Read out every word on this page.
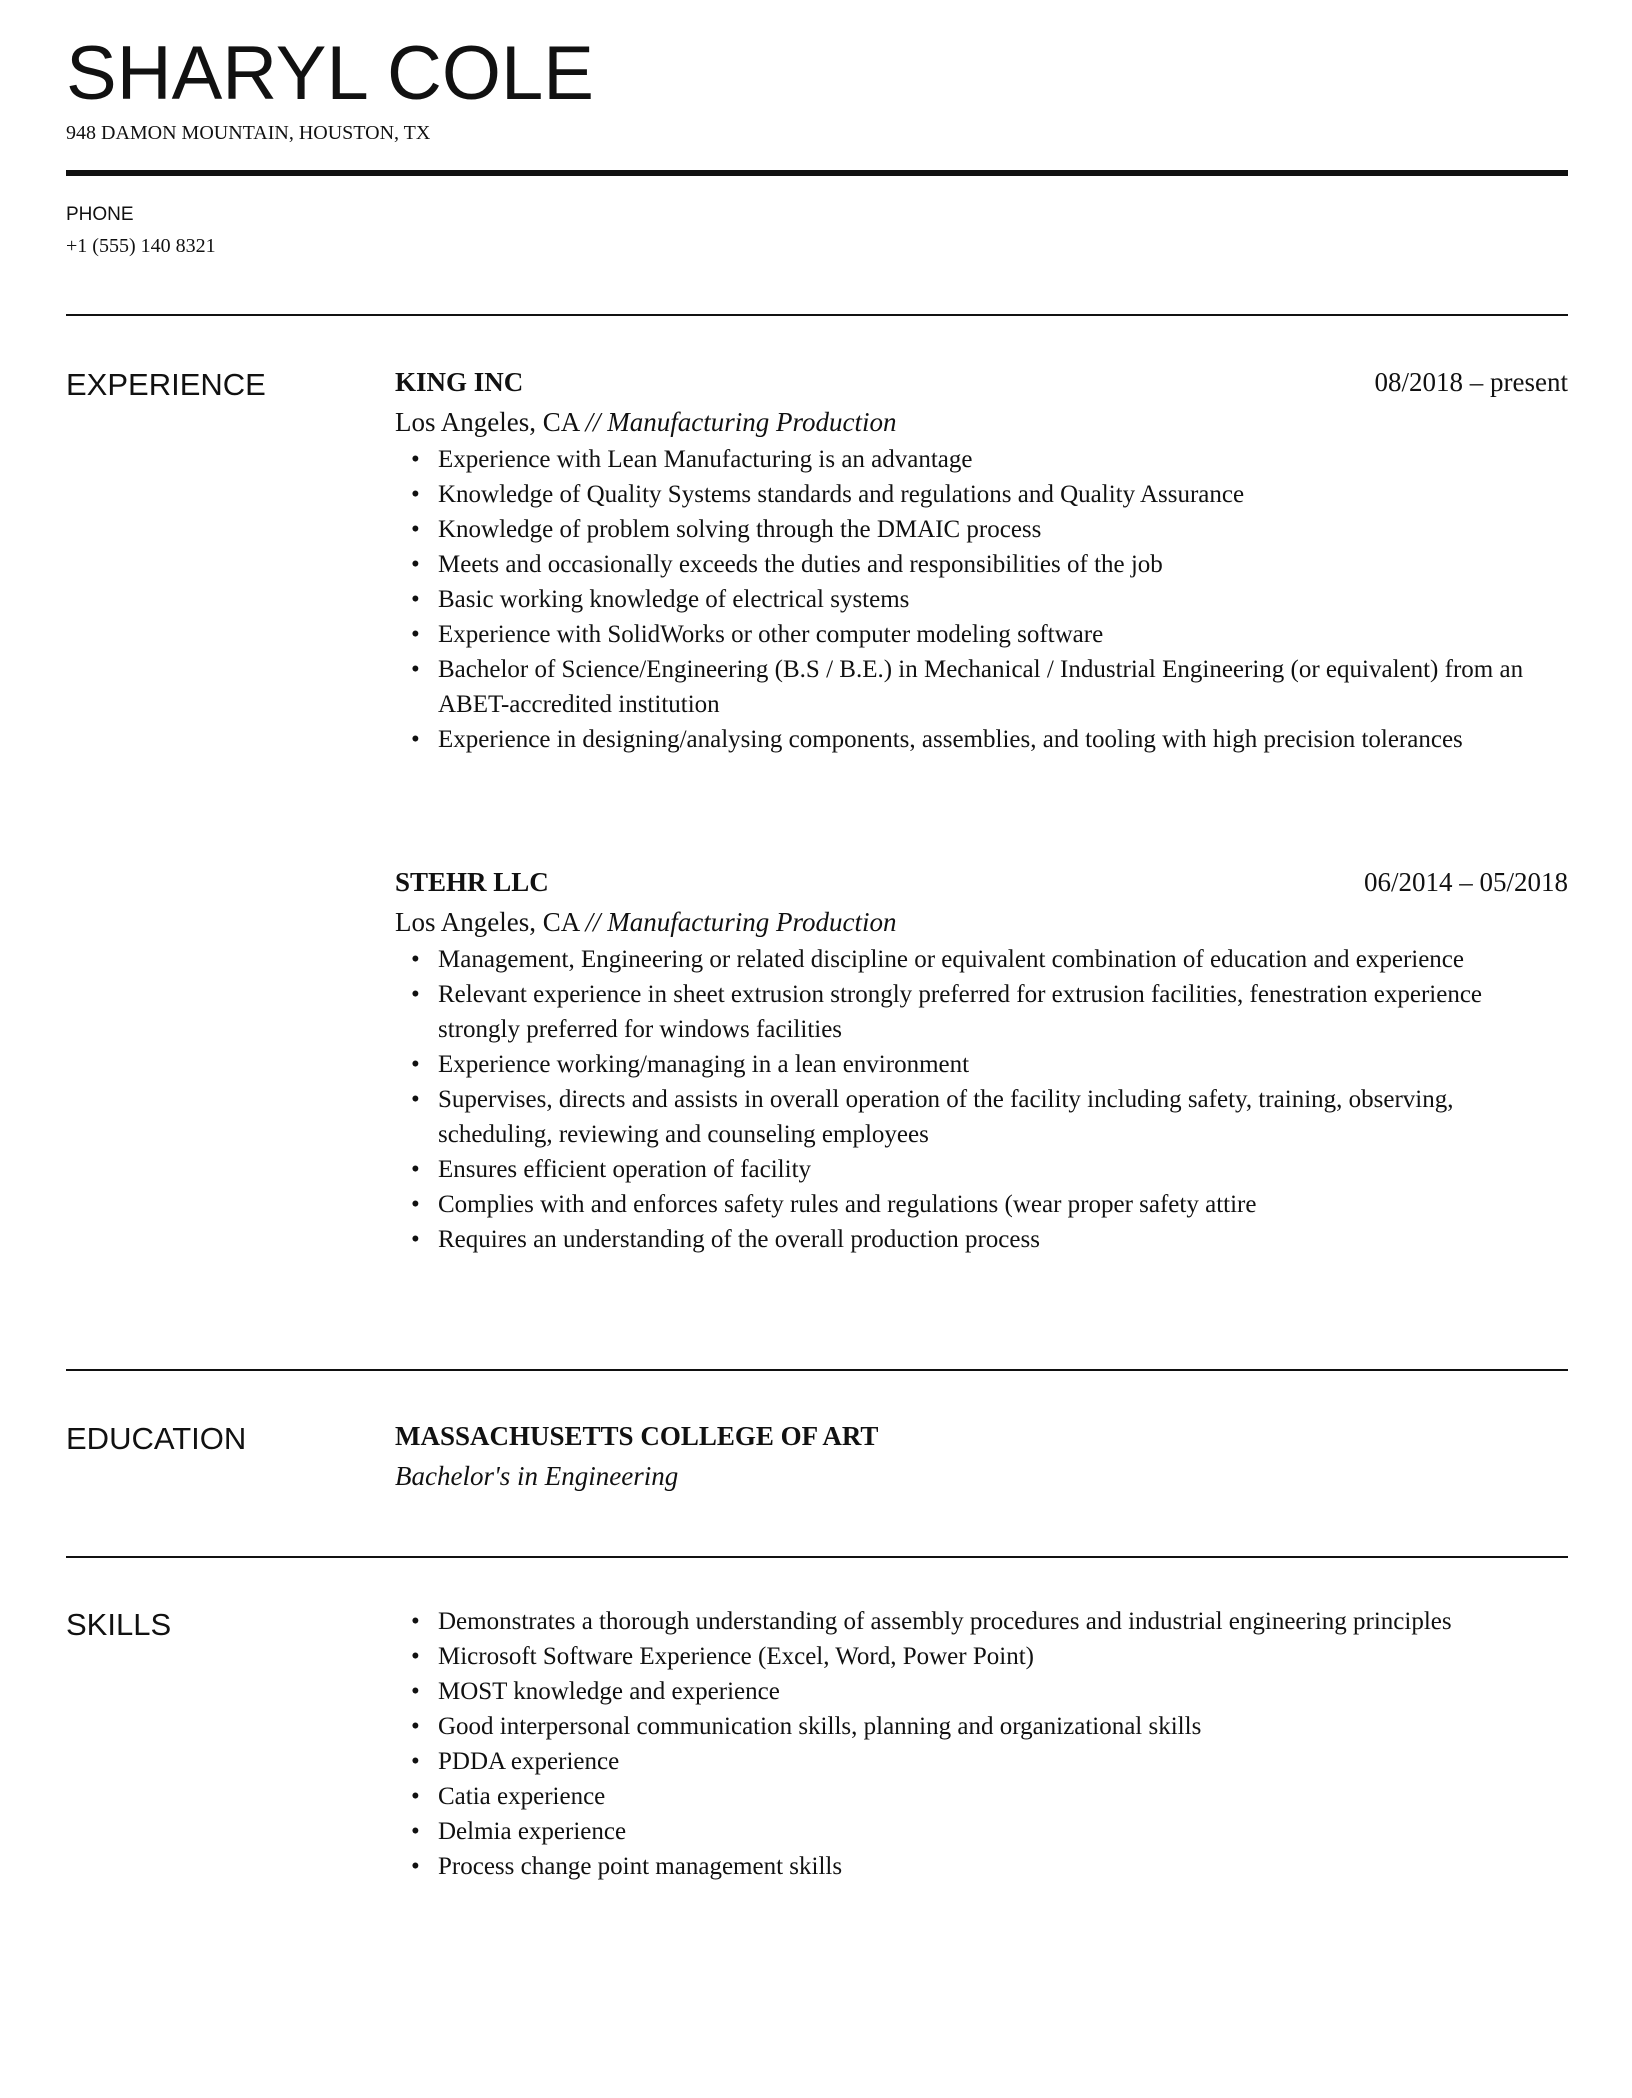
SHARYL COLE
948 DAMON MOUNTAIN, HOUSTON, TX
PHONE
+1 (555) 140 8321
EXPERIENCE	KING INC	08/2018 – present
Los Angeles, CA // Manufacturing Production
• Experience with Lean Manufacturing is an advantage
• Knowledge of Quality Systems standards and regulations and Quality Assurance
• Knowledge of problem solving through the DMAIC process
• Meets and occasionally exceeds the duties and responsibilities of the job
• Basic working knowledge of electrical systems
• Experience with SolidWorks or other computer modeling software
• Bachelor of Science/Engineering (B.S / B.E.) in Mechanical / Industrial Engineering (or equivalent) from an ABET-accredited institution
• Experience in designing/analysing components, assemblies, and tooling with high precision tolerances
STEHR LLC	06/2014 – 05/2018
Los Angeles, CA // Manufacturing Production
• Management, Engineering or related discipline or equivalent combination of education and experience
• Relevant experience in sheet extrusion strongly preferred for extrusion facilities, fenestration experience strongly preferred for windows facilities
• Experience working/managing in a lean environment
• Supervises, directs and assists in overall operation of the facility including safety, training, observing, scheduling, reviewing and counseling employees
• Ensures efficient operation of facility
• Complies with and enforces safety rules and regulations (wear proper safety attire
• Requires an understanding of the overall production process
EDUCATION	MASSACHUSETTS COLLEGE OF ART
Bachelor's in Engineering
SKILLS
•	Demonstrates a thorough understanding of assembly procedures and industrial engineering principles
• Microsoft Software Experience (Excel, Word, Power Point)
• MOST knowledge and experience
• Good interpersonal communication skills, planning and organizational skills
• PDDA experience
• Catia experience
• Delmia experience
• Process change point management skills
